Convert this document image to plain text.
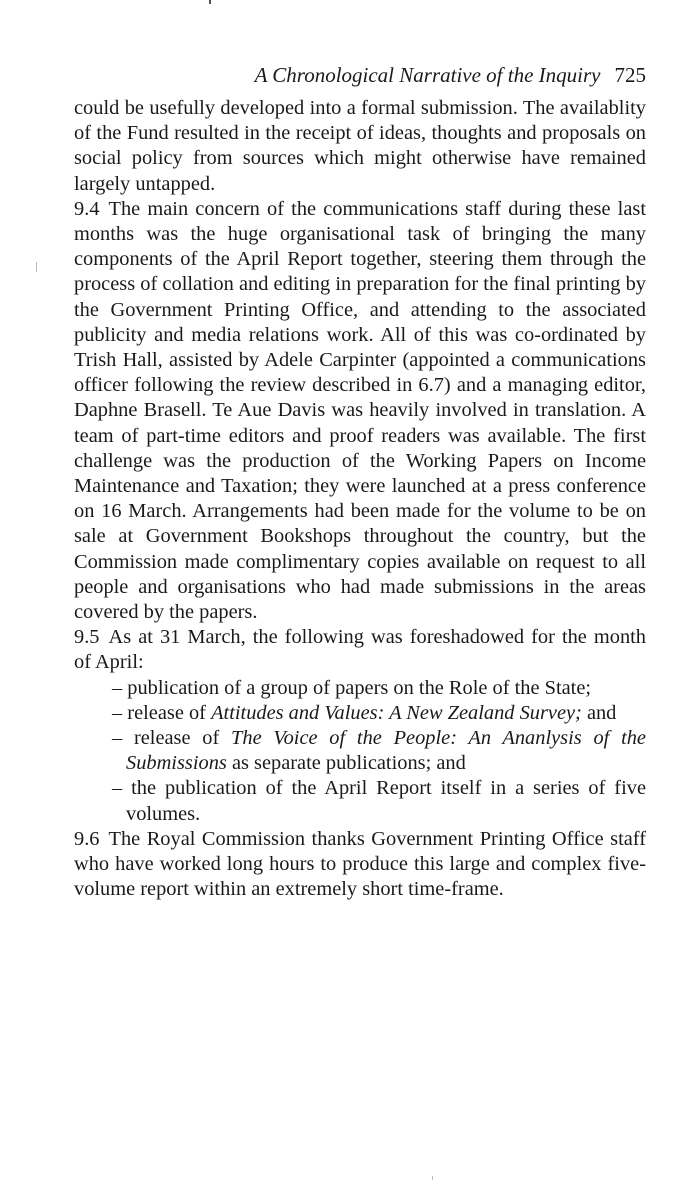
A Chronological Narrative of the Inquiry 725

could be usefully developed into a formal submission. The availablity of the Fund resulted in the receipt of ideas, thoughts and proposals on social policy from sources which might otherwise have remained largely untapped.

9.4 The main concern of the communications staff during these last months was the huge organisational task of bringing the many components of the April Report together, steering them through the process of collation and editing in preparation for the final printing by the Government Printing Office, and attending to the associated publicity and media relations work. All of this was co-ordinated by Trish Hall, assisted by Adele Carpinter (appointed a communications officer following the review described in 6.7) and a managing editor, Daphne Brasell. Te Aue Davis was heavily involved in translation. A team of part-time editors and proof readers was available. The first challenge was the production of the Working Papers on Income Maintenance and Taxation; they were launched at a press conference on 16 March. Arrangements had been made for the volume to be on sale at Government Bookshops throughout the country, but the Commission made complimentary copies available on request to all people and organisations who had made submissions in the areas covered by the papers.

9.5 As at 31 March, the following was foreshadowed for the month of April:

– publication of a group of papers on the Role of the State;
– release of Attitudes and Values: A New Zealand Survey; and
– release of The Voice of the People: An Ananlysis of the Submissions as separate publications; and
– the publication of the April Report itself in a series of five volumes.

9.6 The Royal Commission thanks Government Printing Office staff who have worked long hours to produce this large and complex five-volume report within an extremely short time-frame.
